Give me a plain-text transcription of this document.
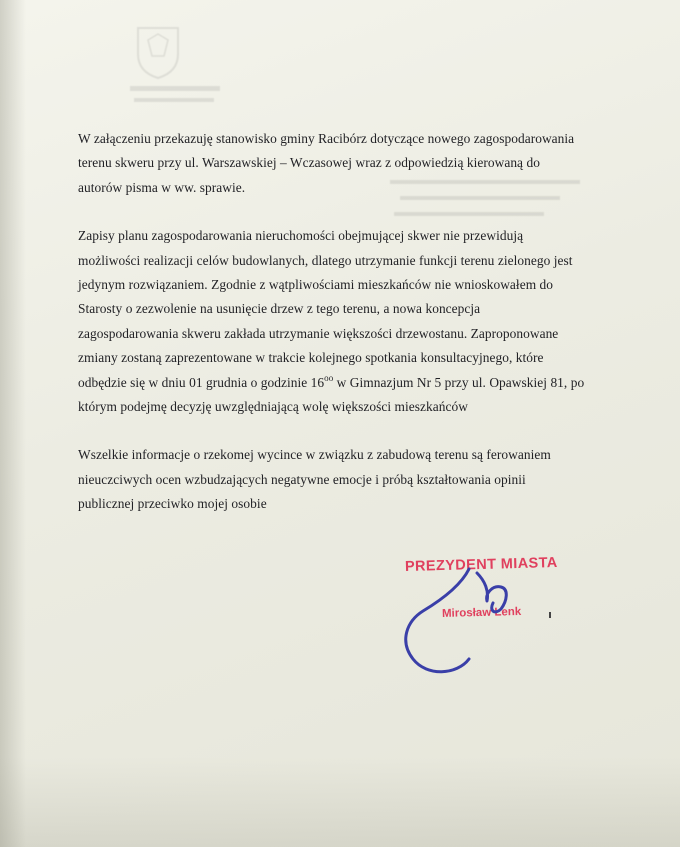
W załączeniu przekazuję stanowisko gminy Racibórz dotyczące nowego zagospodarowania
terenu skweru przy ul. Warszawskiej – Wczasowej wraz z odpowiedzią kierowaną do
autorów pisma w ww. sprawie.

Zapisy planu zagospodarowania nieruchomości obejmującej skwer nie przewidują
możliwości realizacji celów budowlanych, dlatego utrzymanie funkcji terenu zielonego jest
jedynym rozwiązaniem. Zgodnie z wątpliwościami mieszkańców nie wnioskowałem do
Starosty o zezwolenie na usunięcie drzew z tego terenu, a nowa koncepcja
zagospodarowania skweru zakłada utrzymanie większości drzewostanu. Zaproponowane
zmiany zostaną zaprezentowane w trakcie kolejnego spotkania konsultacyjnego, które
odbędzie się w dniu 01 grudnia o godzinie $16^{oo}$ w Gimnazjum Nr 5 przy ul. Opawskiej 81, po
którym podejmę decyzję uwzględniającą wolę większości mieszkańców

Wszelkie informacje o rzekomej wycince w związku z zabudową terenu są ferowaniem
nieuczciwych ocen wzbudzających negatywne emocje i próbą kształtowania opinii
publicznej przeciwko mojej osobie

PREZYDENT MIASTA
Mirosław Lenk
